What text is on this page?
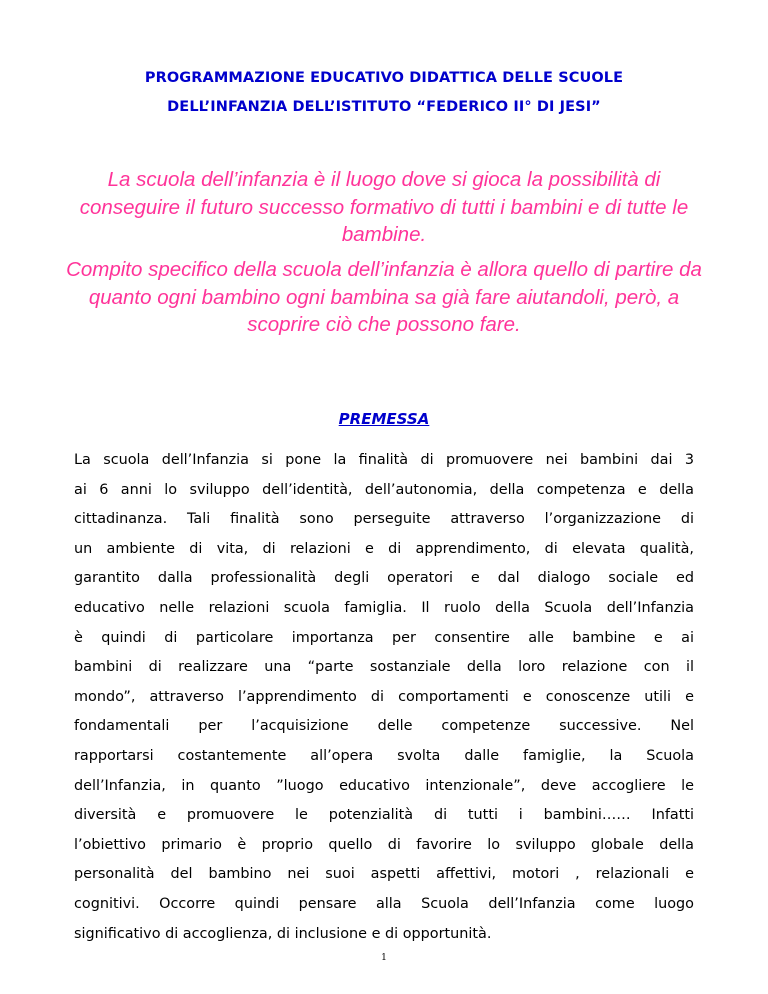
PROGRAMMAZIONE EDUCATIVO DIDATTICA DELLE SCUOLE
DELL’INFANZIA DELL’ISTITUTO “FEDERICO II° DI JESI”
La scuola dell’infanzia è il luogo dove si gioca la possibilità di conseguire il futuro successo formativo di tutti i bambini e di tutte le bambine.
Compito specifico della scuola dell’infanzia è allora quello di partire da quanto ogni bambino ogni bambina sa già fare aiutandoli, però, a scoprire ciò che possono fare.
PREMESSA
La scuola dell’Infanzia si pone la finalità di promuovere nei bambini dai 3
ai 6 anni lo sviluppo dell’identità, dell’autonomia, della competenza e della
cittadinanza. Tali finalità sono perseguite attraverso l’organizzazione di
un ambiente di vita, di relazioni e di apprendimento, di elevata qualità,
garantito dalla professionalità degli operatori e dal dialogo sociale ed
educativo nelle relazioni scuola famiglia. Il ruolo della Scuola dell’Infanzia
è quindi di particolare importanza per consentire alle bambine e ai
bambini di realizzare una “parte sostanziale della loro relazione con il
mondo”, attraverso l’apprendimento di comportamenti e conoscenze utili e
fondamentali per l’acquisizione delle competenze successive. Nel
rapportarsi costantemente all’opera svolta dalle famiglie, la Scuola
dell’Infanzia, in quanto ”luogo educativo intenzionale”, deve accogliere le
diversità e promuovere le potenzialità di tutti i bambini…… Infatti
l’obiettivo primario è proprio quello di favorire lo sviluppo globale della
personalità del bambino nei suoi aspetti affettivi, motori , relazionali e
cognitivi. Occorre quindi pensare alla Scuola dell’Infanzia come luogo
significativo di accoglienza, di inclusione e di opportunità.
1
